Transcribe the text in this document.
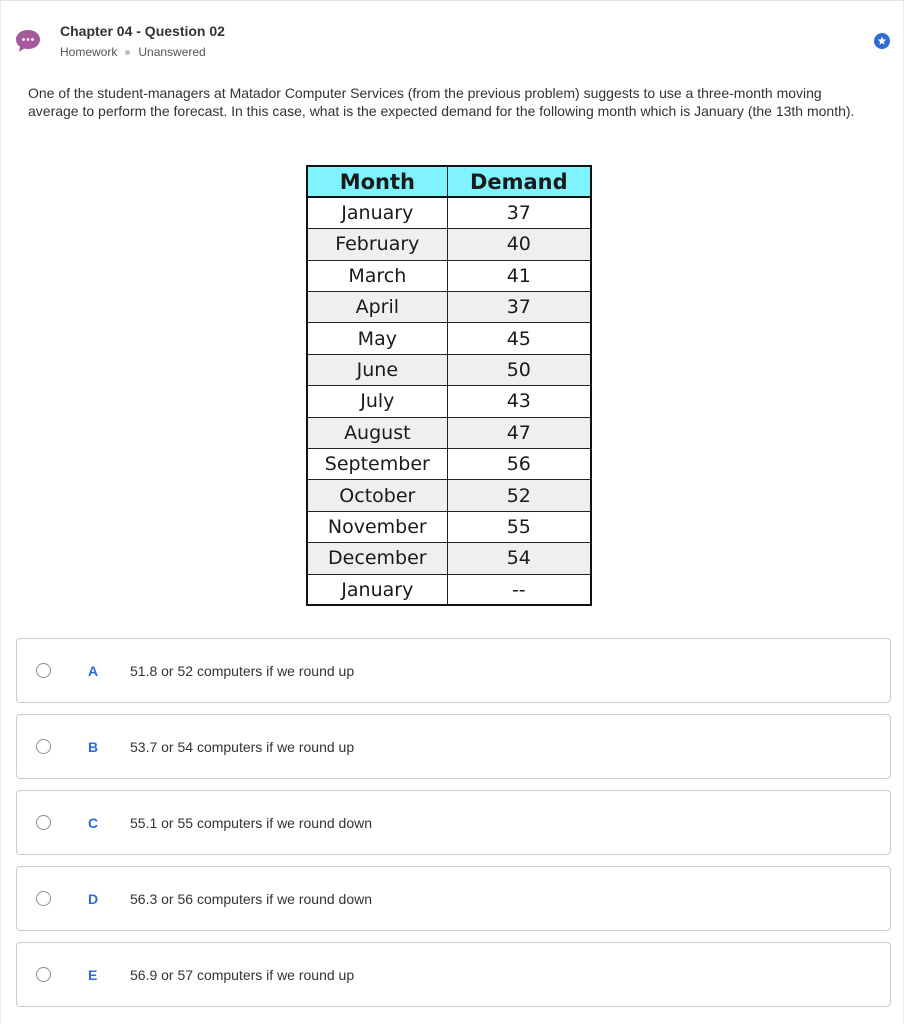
Chapter 04 - Question 02
Homework Unanswered

One of the student-managers at Matador Computer Services (from the previous problem) suggests to use a three-month moving average to perform the forecast. In this case, what is the expected demand for the following month which is January (the 13th month).

Month	Demand
January	37
February	40
March	41
April	37
May	45
June	50
July	43
August	47
September	56
October	52
November	55
December	54
January	--
A 51.8 or 52 computers if we round up
B 53.7 or 54 computers if we round up
C 55.1 or 55 computers if we round down
D 56.3 or 56 computers if we round down
E 56.9 or 57 computers if we round up
